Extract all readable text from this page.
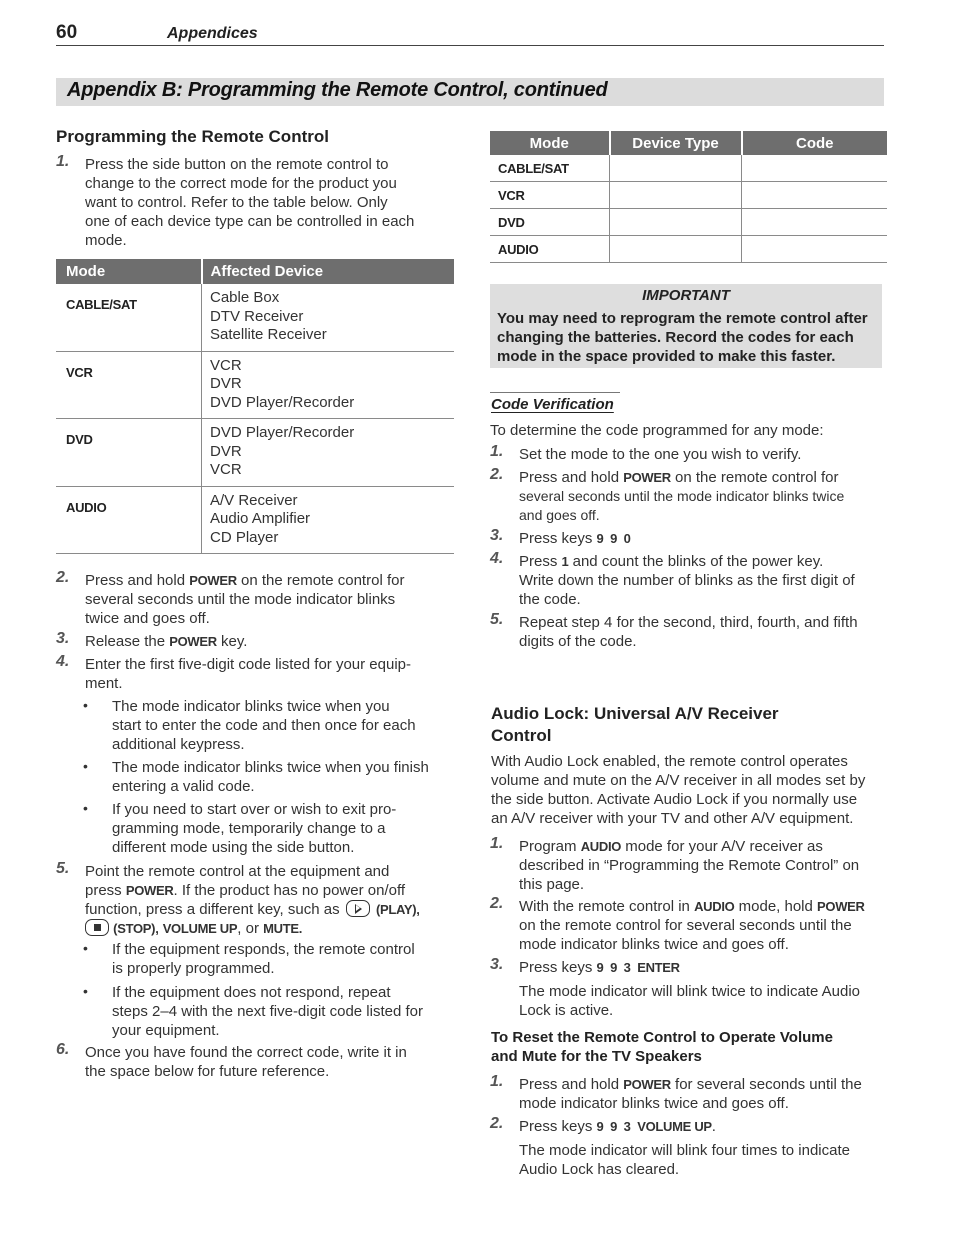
60	Appendices
Appendix B: Programming the Remote Control, continued
Programming the Remote Control
1. Press the side button on the remote control to
change to the correct mode for the product you
want to control. Refer to the table below. Only
one of each device type can be controlled in each
mode.
Mode	Affected Device
CABLE/SAT	Cable Box
DTV Receiver
Satellite Receiver

VCR	VCR
DVR
DVD Player/Recorder

DVD	DVD Player/Recorder
DVR
VCR

AUDIO	A/V Receiver
Audio Amplifier
CD Player
2. Press and hold POWER on the remote control for
several seconds until the mode indicator blinks
twice and goes off.
3. Release the POWER key.
4. Enter the first five-digit code listed for your equip-
ment.
• The mode indicator blinks twice when you
start to enter the code and then once for each
additional keypress.
• The mode indicator blinks twice when you finish
entering a valid code.
• If you need to start over or wish to exit pro-
gramming mode, temporarily change to a
different mode using the side button.
5. Point the remote control at the equipment and
press POWER. If the product has no power on/off
function, press a different key, such as	(PLAY),
(STOP), VOLUME UP, or MUTE.
• If the equipment responds, the remote control
is properly programmed.
• If the equipment does not respond, repeat
steps 2–4 with the next five-digit code listed for
your equipment.
6. Once you have found the correct code, write it in
the space below for future reference.
Mode	Device Type	Code
CABLE/SAT		
VCR		
DVD		
AUDIO		
IMPORTANT
You may need to reprogram the remote control after
changing the batteries. Record the codes for each
mode in the space provided to make this faster.
Code Verification
To determine the code programmed for any mode:
1. Set the mode to the one you wish to verify.
2. Press and hold POWER on the remote control for
several seconds until the mode indicator blinks twice
and goes off.
3. Press keys 9  9  0
4. Press 1 and count the blinks of the power key.
Write down the number of blinks as the first digit of
the code.
5. Repeat step 4 for the second, third, fourth, and fifth
digits of the code.
Audio Lock: Universal A/V Receiver
Control
With Audio Lock enabled, the remote control operates
volume and mute on the A/V receiver in all modes set by
the side button. Activate Audio Lock if you normally use
an A/V receiver with your TV and other A/V equipment.
1. Program AUDIO mode for your A/V receiver as
described in “Programming the Remote Control” on
this page.
2. With the remote control in AUDIO mode, hold POWER
on the remote control for several seconds until the
mode indicator blinks twice and goes off.
3. Press keys 9  9  3  ENTER
The mode indicator will blink twice to indicate Audio
Lock is active.
To Reset the Remote Control to Operate Volume
and Mute for the TV Speakers
1. Press and hold POWER for several seconds until the
mode indicator blinks twice and goes off.
2. Press keys 9  9  3  VOLUME UP.
The mode indicator will blink four times to indicate
Audio Lock has cleared.
